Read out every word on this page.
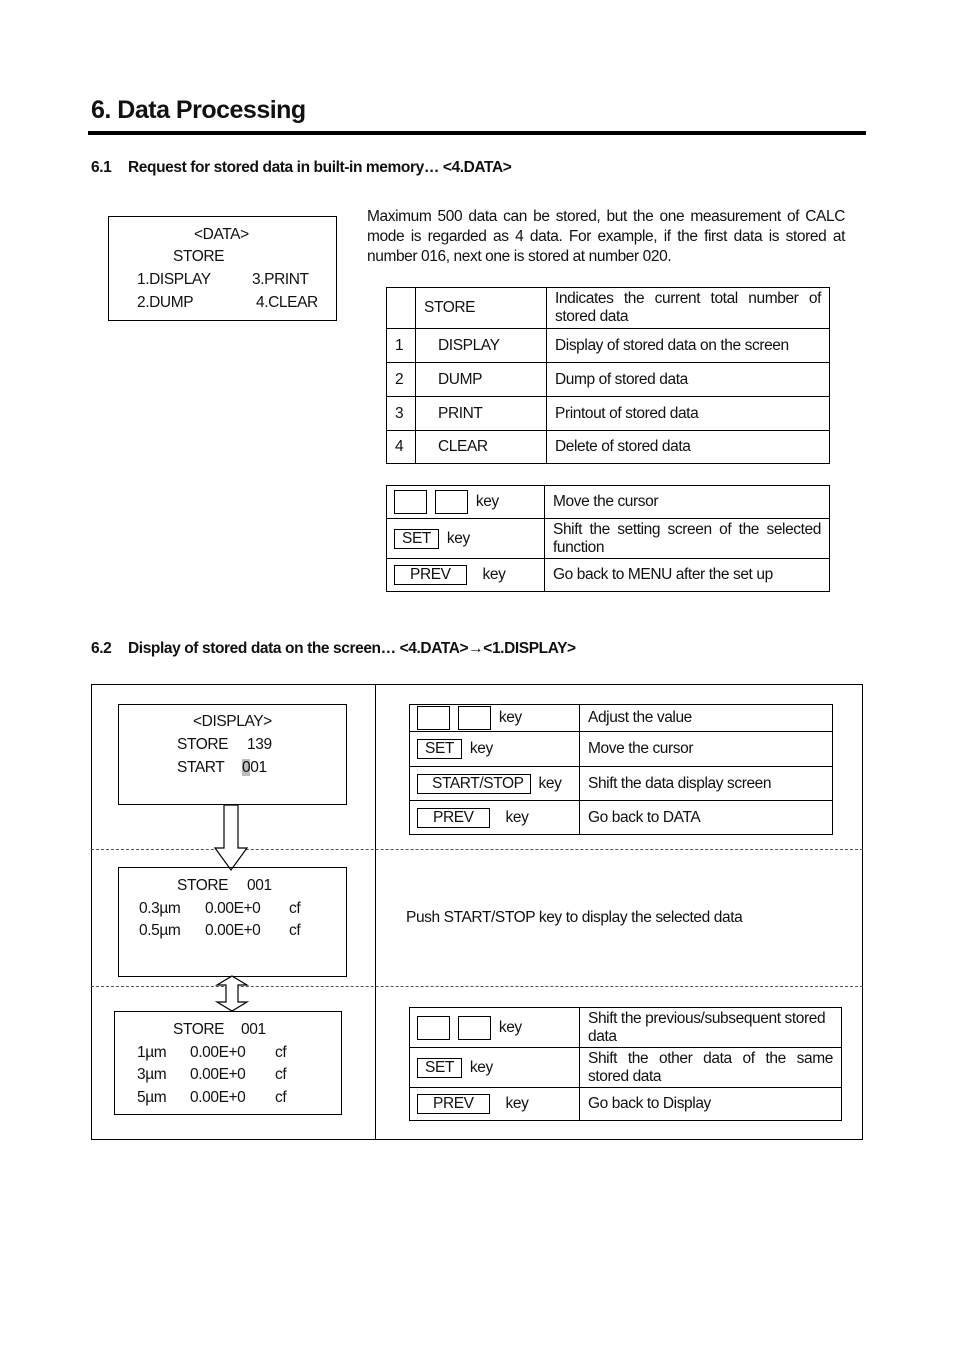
6. Data Processing
6.1 Request for stored data in built-in memory… <4.DATA>
<DATA>
STORE
1.DISPLAY	3.PRINT
2.DUMP	4.CLEAR
Maximum 500 data can be stored, but the one measurement of CALC mode is regarded as 4 data. For example, if the first data is stored at number 016, next one is stored at number 020.
	STORE	Indicates the current total number of stored data
1	DISPLAY	Display of stored data on the screen
2	DUMP	Dump of stored data
3	PRINT	Printout of stored data
4	CLEAR	Delete of stored data
key	Move the cursor
SET key	Shift the setting screen of the selected function
PREV key	Go back to MENU after the set up
6.2 Display of stored data on the screen… <4.DATA>→<1.DISPLAY>
<DISPLAY>
STORE 139
START 001
key	Adjust the value
SET key	Move the cursor
START/STOP key	Shift the data display screen
PREV key	Go back to DATA
STORE 001
0.3µm 0.00E+0 cf
0.5µm 0.00E+0 cf
Push START/STOP key to display the selected data
STORE 001
1µm 0.00E+0 cf
3µm 0.00E+0 cf
5µm 0.00E+0 cf
key	Shift the previous/subsequent stored data
SET key	Shift the other data of the same stored data
PREV key	Go back to Display
